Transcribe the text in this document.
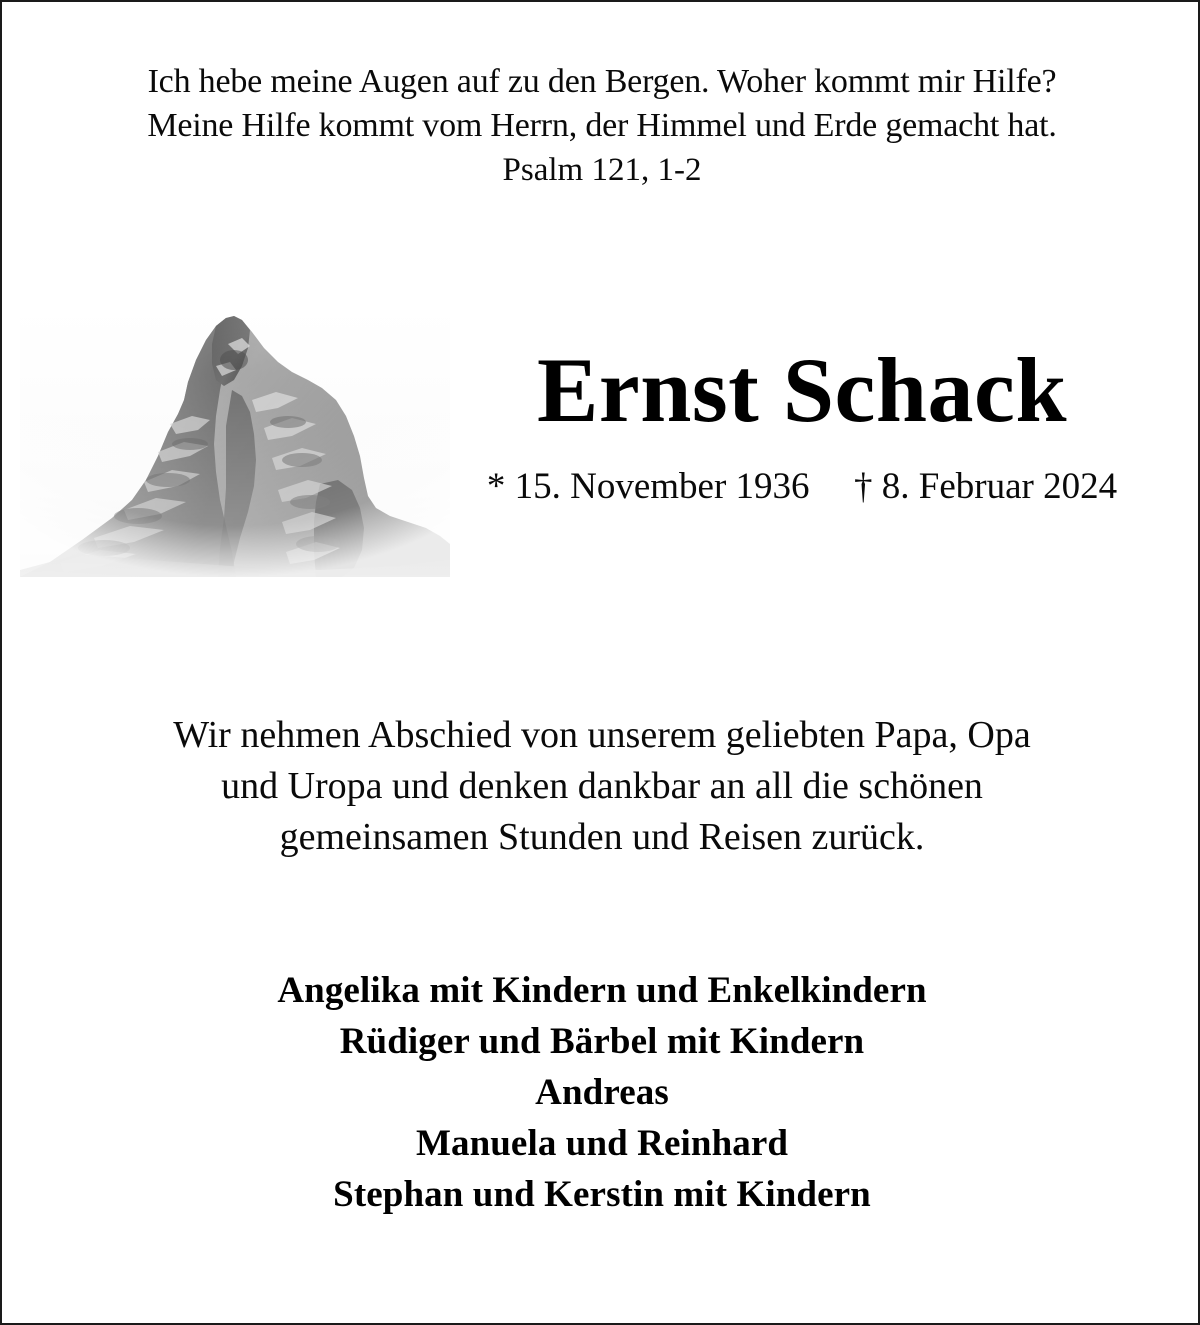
Ich hebe meine Augen auf zu den Bergen. Woher kommt mir Hilfe?
Meine Hilfe kommt vom Herrn, der Himmel und Erde gemacht hat.
Psalm 121, 1-2
Ernst Schack
* 15. November 1936 † 8. Februar 2024
Wir nehmen Abschied von unserem geliebten Papa, Opa
und Uropa und denken dankbar an all die schönen
gemeinsamen Stunden und Reisen zurück.
Angelika mit Kindern und Enkelkindern
Rüdiger und Bärbel mit Kindern
Andreas
Manuela und Reinhard
Stephan und Kerstin mit Kindern
